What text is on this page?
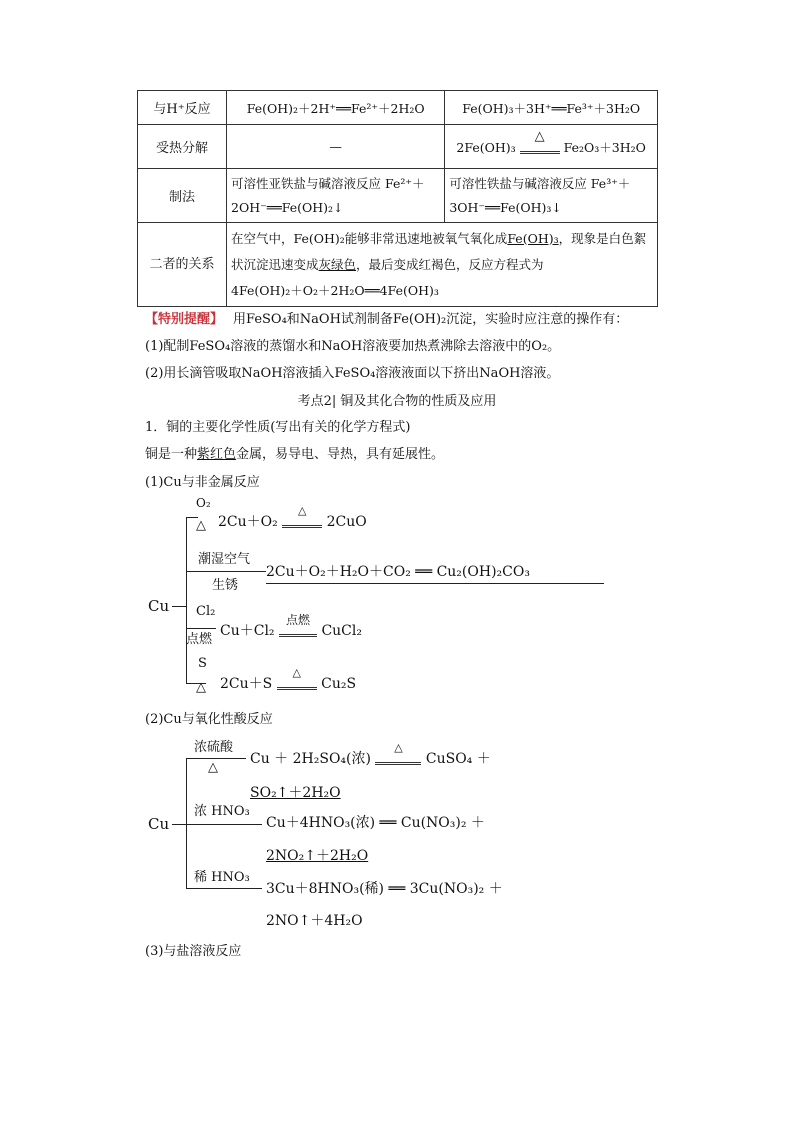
与H⁺反应	Fe(OH)₂＋2H⁺══Fe²⁺＋2H₂O	Fe(OH)₃＋3H⁺══Fe³⁺＋3H₂O
受热分解	—	2Fe(OH)₃
△
Fe₂O₃＋3H₂O
制法	可溶性亚铁盐与碱溶液反应 Fe²⁺＋2OH⁻══Fe(OH)₂↓	可溶性铁盐与碱溶液反应 Fe³⁺＋3OH⁻══Fe(OH)₃↓
二者的关系	在空气中，Fe(OH)₂能够非常迅速地被氧气氧化成Fe(OH)₃，现象是白色絮状沉淀迅速变成灰绿色，最后变成红褐色，反应方程式为
4Fe(OH)₂＋O₂＋2H₂O══4Fe(OH)₃	
【特别提醒】 用FeSO₄和NaOH试剂制备Fe(OH)₂沉淀，实验时应注意的操作有：
(1)配制FeSO₄溶液的蒸馏水和NaOH溶液要加热煮沸除去溶液中的O₂。
(2)用长滴管吸取NaOH溶液插入FeSO₄溶液液面以下挤出NaOH溶液。
考点2| 铜及其化合物的性质及应用
1．铜的主要化学性质(写出有关的化学方程式)
铜是一种紫红色金属，易导电、导热，具有延展性。
(1)Cu与非金属反应
Cu
O₂
△ 2Cu＋O₂
△
2CuO
潮湿空气
生锈
2Cu＋O₂＋H₂O＋CO₂ ══ Cu₂(OH)₂CO₃
Cl₂
点燃
Cu＋Cl₂
点燃
CuCl₂
S
△ 2Cu＋S
△
Cu₂S
(2)Cu与氧化性酸反应
Cu
浓硫酸
△
Cu ＋ 2H₂SO₄(浓)
△
CuSO₄ ＋
SO₂↑＋2H₂O
浓 HNO₃
Cu＋4HNO₃(浓) ══ Cu(NO₃)₂ ＋
2NO₂↑＋2H₂O
稀 HNO₃
3Cu＋8HNO₃(稀) ══ 3Cu(NO₃)₂ ＋
2NO↑＋4H₂O
(3)与盐溶液反应
